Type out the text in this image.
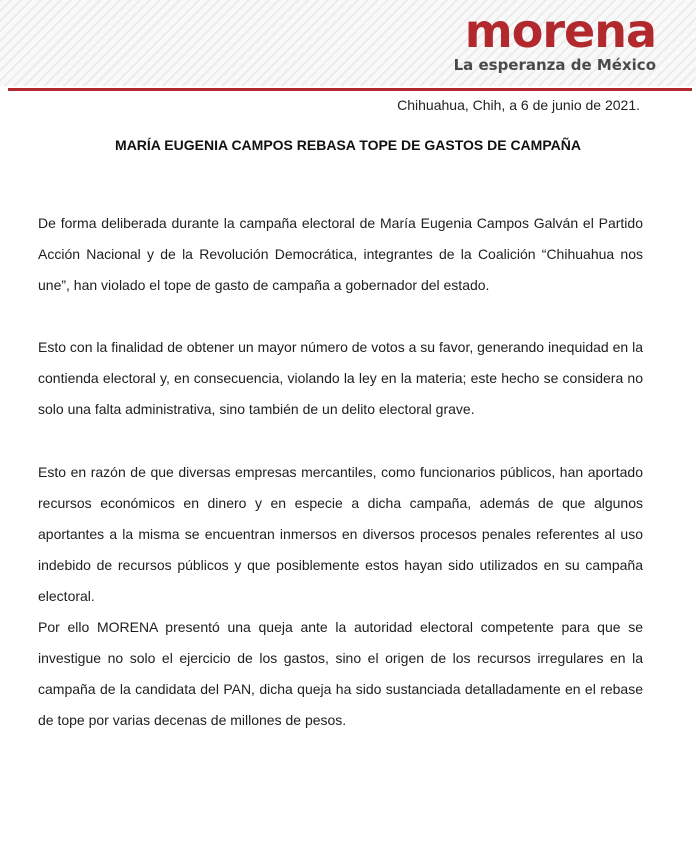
morena
La esperanza de México
Chihuahua, Chih, a 6 de junio de 2021.
MARÍA EUGENIA CAMPOS REBASA TOPE DE GASTOS DE CAMPAÑA

De forma deliberada durante la campaña electoral de María Eugenia Campos Galván el Partido Acción Nacional y de la Revolución Democrática, integrantes de la Coalición “Chihuahua nos une”, han violado el tope de gasto de campaña a gobernador del estado.

Esto con la finalidad de obtener un mayor número de votos a su favor, generando inequidad en la contienda electoral y, en consecuencia, violando la ley en la materia; este hecho se considera no solo una falta administrativa, sino también de un delito electoral grave.

Esto en razón de que diversas empresas mercantiles, como funcionarios públicos, han aportado recursos económicos en dinero y en especie a dicha campaña, además de que algunos aportantes a la misma se encuentran inmersos en diversos procesos penales referentes al uso indebido de recursos públicos y que posiblemente estos hayan sido utilizados en su campaña electoral.

Por ello MORENA presentó una queja ante la autoridad electoral competente para que se investigue no solo el ejercicio de los gastos, sino el origen de los recursos irregulares en la campaña de la candidata del PAN, dicha queja ha sido sustanciada detalladamente en el rebase de tope por varias decenas de millones de pesos.
